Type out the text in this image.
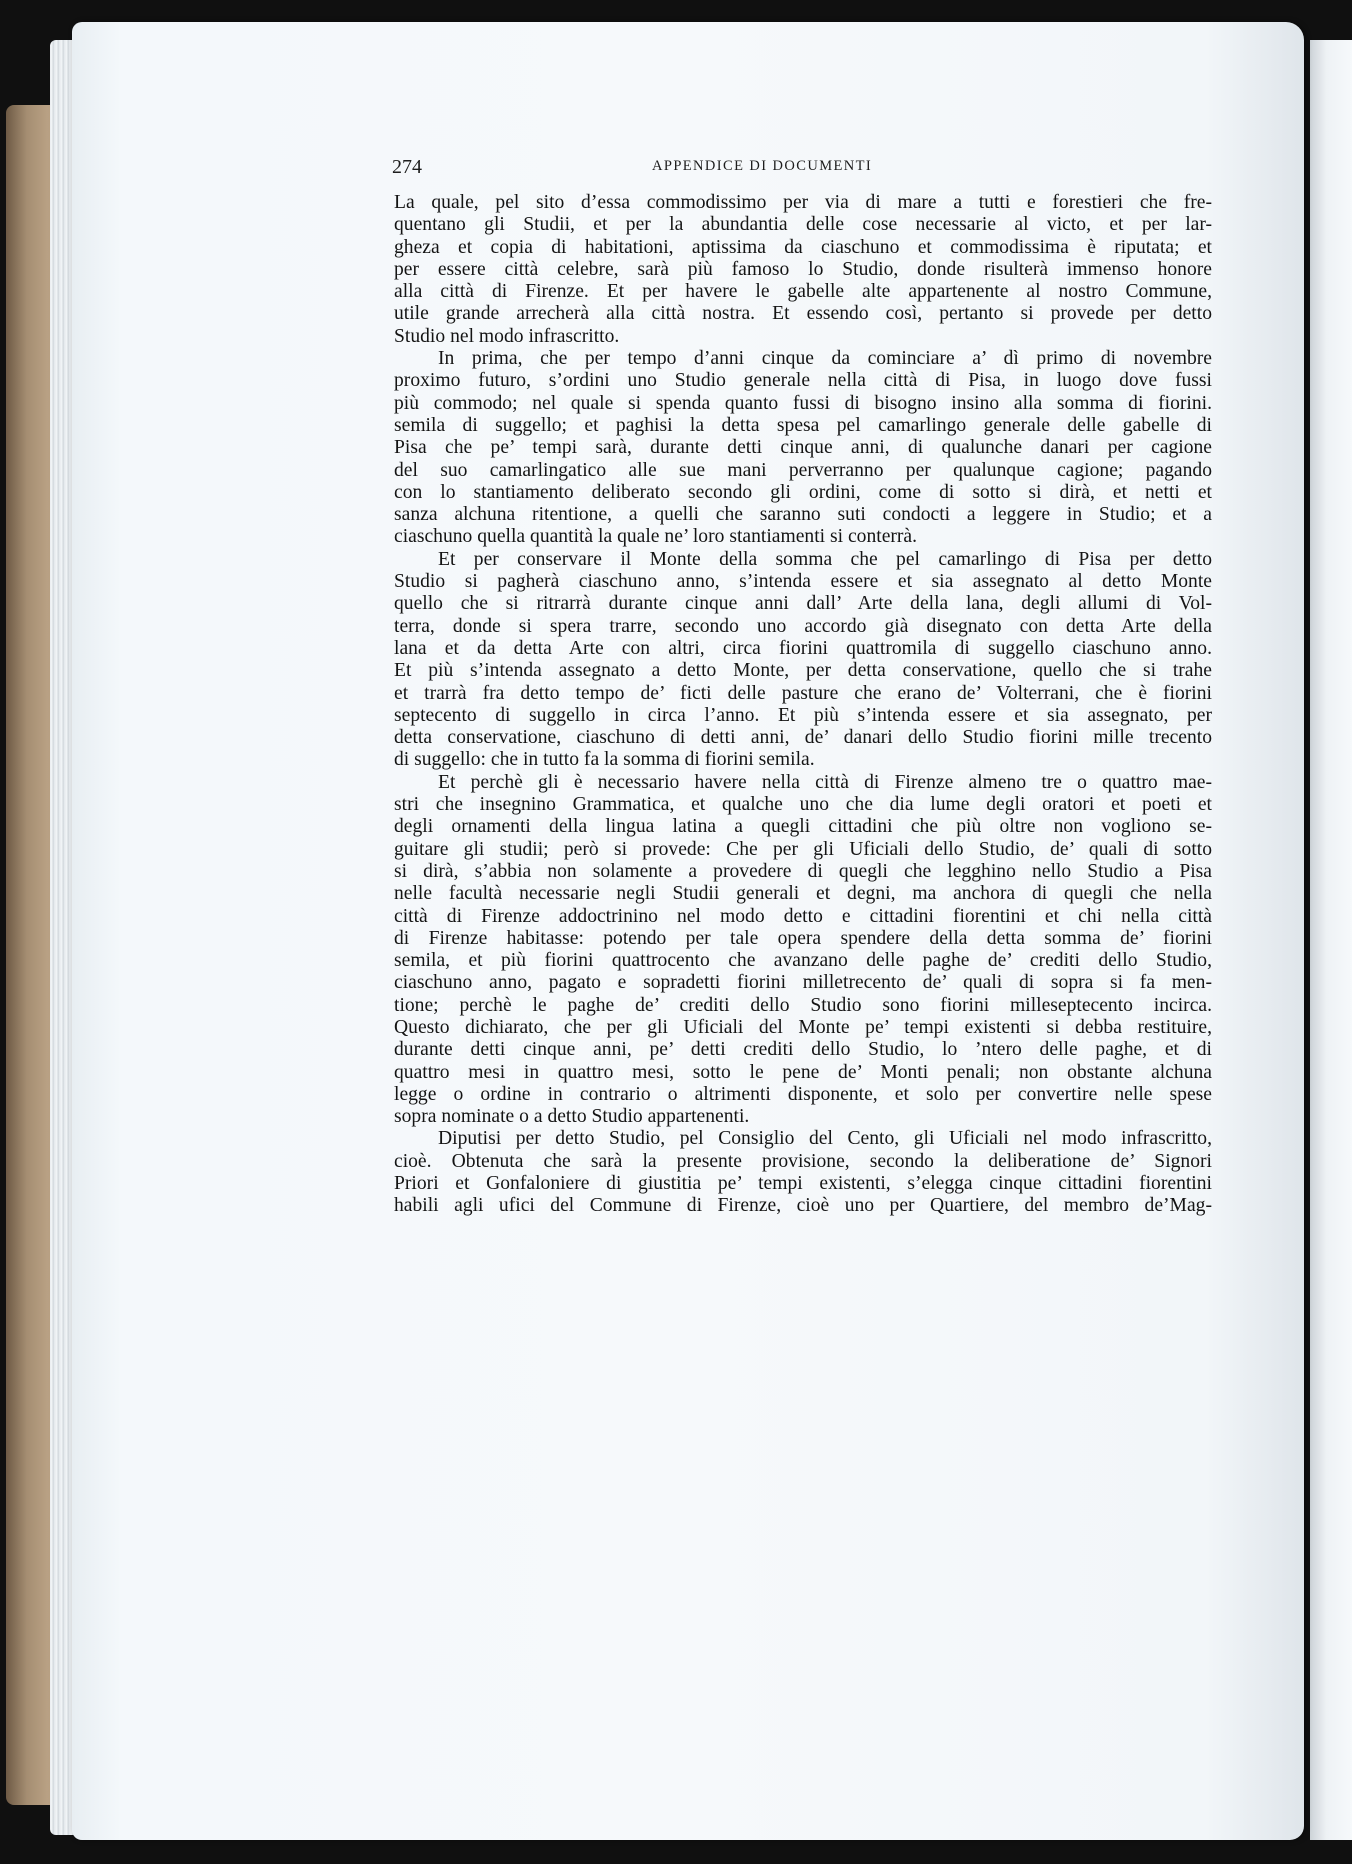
274	APPENDICE DI DOCUMENTI
La quale, pel sito d’essa commodissimo per via di mare a tutti e forestieri che fre-
quentano gli Studii, et per la abundantia delle cose necessarie al victo, et per lar-
gheza et copia di habitationi, aptissima da ciaschuno et commodissima è riputata; et
per essere città celebre, sarà più famoso lo Studio, donde risulterà immenso honore
alla città di Firenze. Et per havere le gabelle alte appartenente al nostro Commune,
utile grande arrecherà alla città nostra. Et essendo così, pertanto si provede per detto
Studio nel modo infrascritto.
In prima, che per tempo d’anni cinque da cominciare a’ dì primo di novembre
proximo futuro, s’ordini uno Studio generale nella città di Pisa, in luogo dove fussi
più commodo; nel quale si spenda quanto fussi di bisogno insino alla somma di fiorini.
semila di suggello; et paghisi la detta spesa pel camarlingo generale delle gabelle di
Pisa che pe’ tempi sarà, durante detti cinque anni, di qualunche danari per cagione
del suo camarlingatico alle sue mani perverranno per qualunque cagione; pagando
con lo stantiamento deliberato secondo gli ordini, come di sotto si dirà, et netti et
sanza alchuna ritentione, a quelli che saranno suti condocti a leggere in Studio; et a
ciaschuno quella quantità la quale ne’ loro stantiamenti si conterrà.
Et per conservare il Monte della somma che pel camarlingo di Pisa per detto
Studio si pagherà ciaschuno anno, s’intenda essere et sia assegnato al detto Monte
quello che si ritrarrà durante cinque anni dall’ Arte della lana, degli allumi di Vol-
terra, donde si spera trarre, secondo uno accordo già disegnato con detta Arte della
lana et da detta Arte con altri, circa fiorini quattromila di suggello ciaschuno anno.
Et più s’intenda assegnato a detto Monte, per detta conservatione, quello che si trahe
et trarrà fra detto tempo de’ ficti delle pasture che erano de’ Volterrani, che è fiorini
septecento di suggello in circa l’anno. Et più s’intenda essere et sia assegnato, per
detta conservatione, ciaschuno di detti anni, de’ danari dello Studio fiorini mille trecento
di suggello: che in tutto fa la somma di fiorini semila.
Et perchè gli è necessario havere nella città di Firenze almeno tre o quattro mae-
stri che insegnino Grammatica, et qualche uno che dia lume degli oratori et poeti et
degli ornamenti della lingua latina a quegli cittadini che più oltre non vogliono se-
guitare gli studii; però si provede: Che per gli Uficiali dello Studio, de’ quali di sotto
si dirà, s’abbia non solamente a provedere di quegli che legghino nello Studio a Pisa
nelle facultà necessarie negli Studii generali et degni, ma anchora di quegli che nella
città di Firenze addoctrinino nel modo detto e cittadini fiorentini et chi nella città
di Firenze habitasse: potendo per tale opera spendere della detta somma de’ fiorini
semila, et più fiorini quattrocento che avanzano delle paghe de’ crediti dello Studio,
ciaschuno anno, pagato e sopradetti fiorini milletrecento de’ quali di sopra si fa men-
tione; perchè le paghe de’ crediti dello Studio sono fiorini milleseptecento incirca.
Questo dichiarato, che per gli Uficiali del Monte pe’ tempi existenti si debba restituire,
durante detti cinque anni, pe’ detti crediti dello Studio, lo ’ntero delle paghe, et di
quattro mesi in quattro mesi, sotto le pene de’ Monti penali; non obstante alchuna
legge o ordine in contrario o altrimenti disponente, et solo per convertire nelle spese
sopra nominate o a detto Studio appartenenti.
Diputisi per detto Studio, pel Consiglio del Cento, gli Uficiali nel modo infrascritto,
cioè. Obtenuta che sarà la presente provisione, secondo la deliberatione de’ Signori
Priori et Gonfaloniere di giustitia pe’ tempi existenti, s’elegga cinque cittadini fiorentini
habili agli ufici del Commune di Firenze, cioè uno per Quartiere, del membro de’Mag-
